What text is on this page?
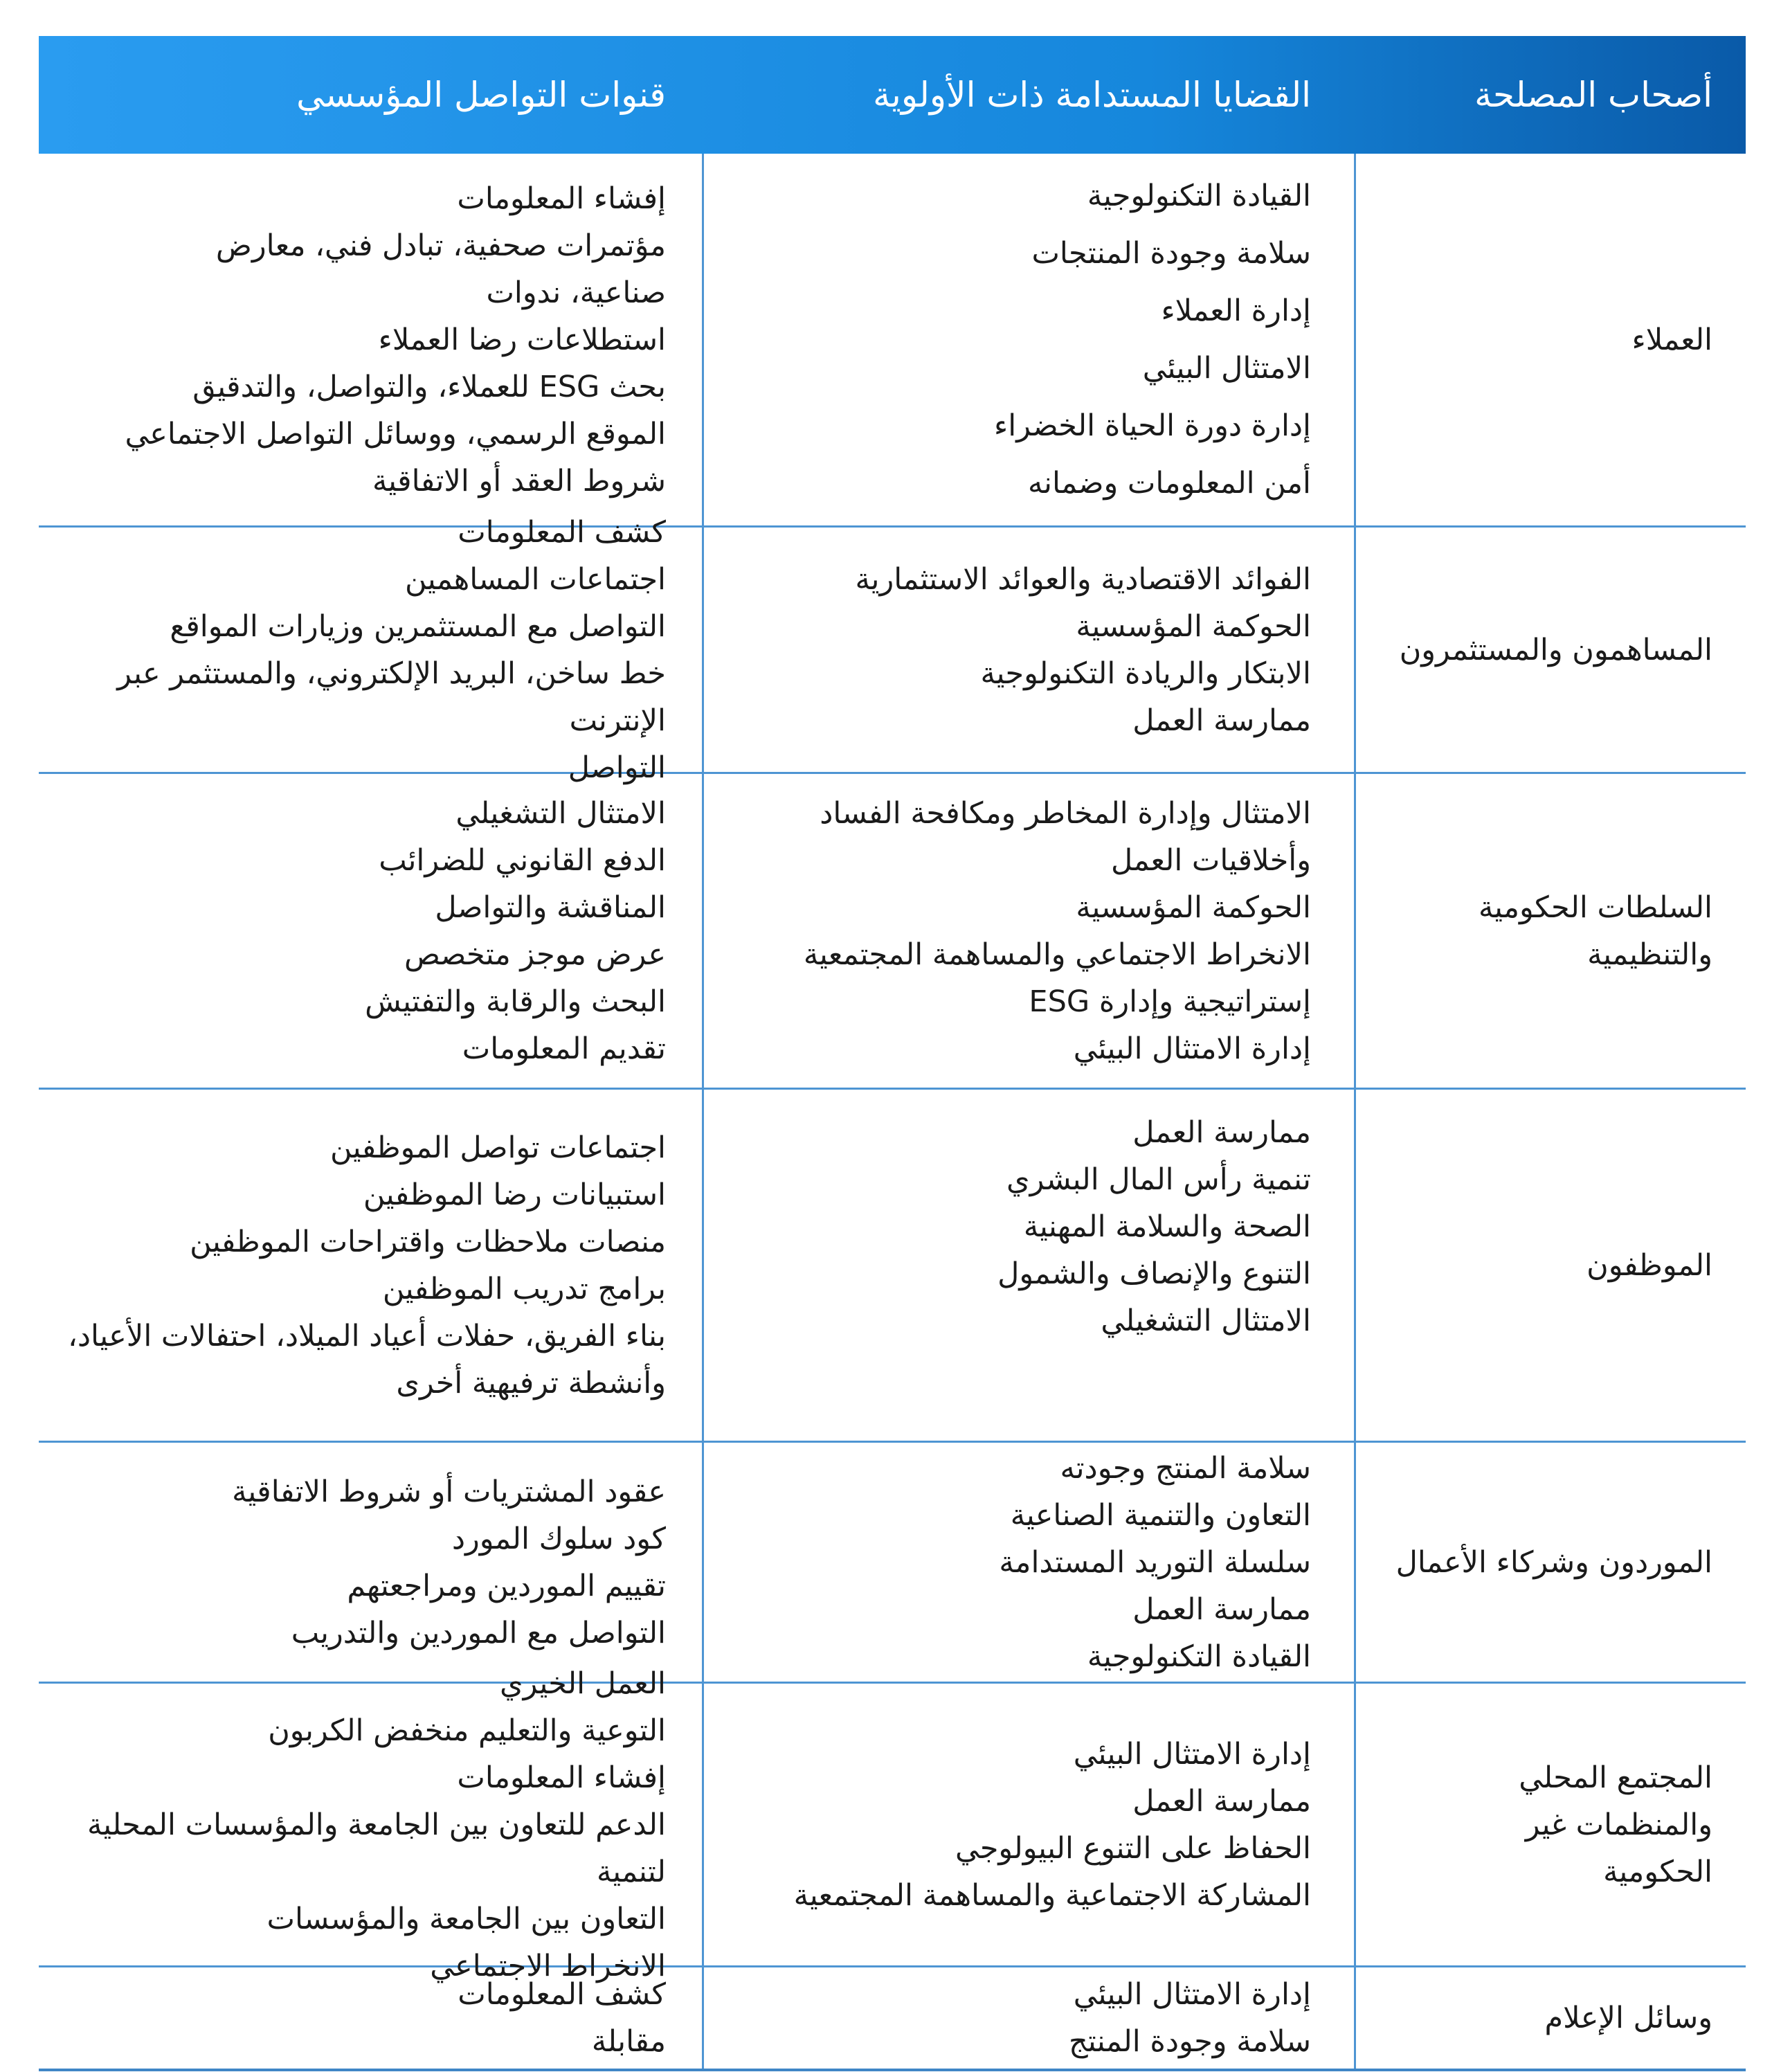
أصحاب المصلحة
القضايا المستدامة ذات الأولوية
قنوات التواصل المؤسسي
العملاء
القيادة التكنولوجية
سلامة وجودة المنتجات
إدارة العملاء
الامتثال البيئي
إدارة دورة الحياة الخضراء
أمن المعلومات وضمانه
إفشاء المعلومات
مؤتمرات صحفية، تبادل فني، معارض
صناعية، ندوات
استطلاعات رضا العملاء
بحث ESG للعملاء، والتواصل، والتدقيق
الموقع الرسمي، ووسائل التواصل الاجتماعي
شروط العقد أو الاتفاقية
المساهمون والمستثمرون
الفوائد الاقتصادية والعوائد الاستثمارية
الحوكمة المؤسسية
الابتكار والريادة التكنولوجية
ممارسة العمل
كشف المعلومات
اجتماعات المساهمين
التواصل مع المستثمرين وزيارات المواقع
خط ساخن، البريد الإلكتروني، والمستثمر عبر الإنترنت
التواصل
السلطات الحكومية
والتنظيمية
الامتثال وإدارة المخاطر ومكافحة الفساد
وأخلاقيات العمل
الحوكمة المؤسسية
الانخراط الاجتماعي والمساهمة المجتمعية
إستراتيجية وإدارة ESG
إدارة الامتثال البيئي
الامتثال التشغيلي
الدفع القانوني للضرائب
المناقشة والتواصل
عرض موجز متخصص
البحث والرقابة والتفتيش
تقديم المعلومات
الموظفون
ممارسة العمل
تنمية رأس المال البشري
الصحة والسلامة المهنية
التنوع والإنصاف والشمول
الامتثال التشغيلي
اجتماعات تواصل الموظفين
استبيانات رضا الموظفين
منصات ملاحظات واقتراحات الموظفين
برامج تدريب الموظفين
بناء الفريق، حفلات أعياد الميلاد، احتفالات الأعياد،
وأنشطة ترفيهية أخرى
الموردون وشركاء الأعمال
سلامة المنتج وجودته
التعاون والتنمية الصناعية
سلسلة التوريد المستدامة
ممارسة العمل
القيادة التكنولوجية
عقود المشتريات أو شروط الاتفاقية
كود سلوك المورد
تقييم الموردين ومراجعتهم
التواصل مع الموردين والتدريب
المجتمع المحلي
والمنظمات غير
الحكومية
إدارة الامتثال البيئي
ممارسة العمل
الحفاظ على التنوع البيولوجي
المشاركة الاجتماعية والمساهمة المجتمعية
العمل الخيري
التوعية والتعليم منخفض الكربون
إفشاء المعلومات
الدعم للتعاون بين الجامعة والمؤسسات المحلية لتنمية
التعاون بين الجامعة والمؤسسات
الانخراط الاجتماعي
وسائل الإعلام
إدارة الامتثال البيئي
سلامة وجودة المنتج
كشف المعلومات
مقابلة
